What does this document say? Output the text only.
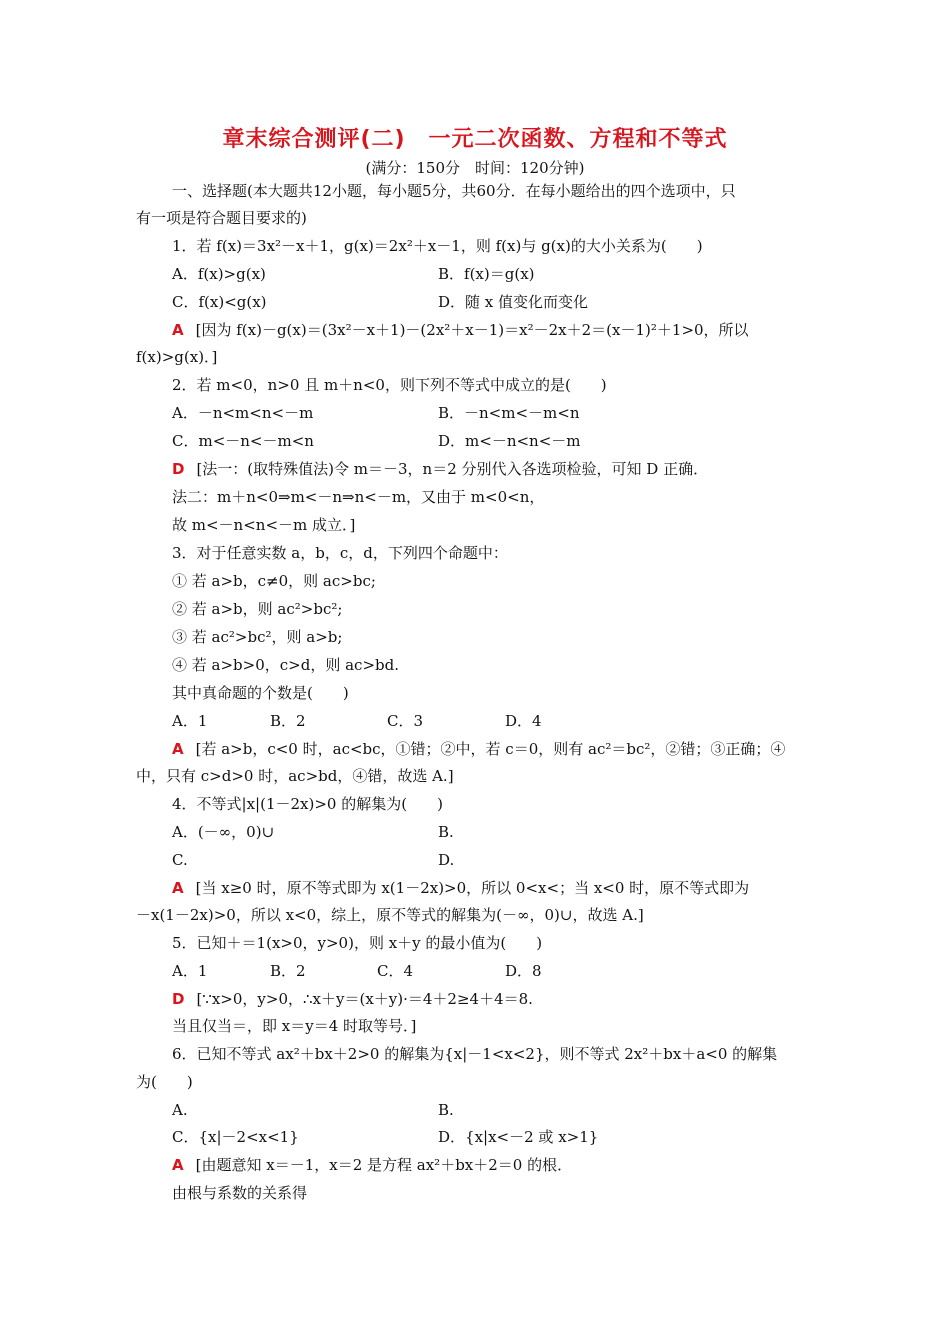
章末综合测评(二)　一元二次函数、方程和不等式
(满分：150分　时间：120分钟)
一、选择题(本大题共12小题，每小题5分，共60分．在每小题给出的四个选项中，只
有一项是符合题目要求的)
1．若 f(x)＝3x²－x＋1，g(x)＝2x²＋x－1，则 f(x)与 g(x)的大小关系为(　　)
A．f(x)>g(x)	B．f(x)＝g(x)
C．f(x)<g(x)	D．随 x 值变化而变化
A [因为 f(x)－g(x)＝(3x²－x＋1)－(2x²＋x－1)＝x²－2x＋2＝(x－1)²＋1>0，所以
f(x)>g(x)．]
2．若 m<0，n>0 且 m＋n<0，则下列不等式中成立的是(　　)
A．－n<m<n<－m	B．－n<m<－m<n
C．m<－n<－m<n	D．m<－n<n<－m
D [法一：(取特殊值法)令 m＝－3，n＝2 分别代入各选项检验，可知 D 正确．
法二：m＋n<0⇒m<－n⇒n<－m，又由于 m<0<n，
故 m<－n<n<－m 成立．]
3．对于任意实数 a，b，c，d，下列四个命题中：
① 若 a>b，c≠0，则 ac>bc;
② 若 a>b，则 ac²>bc²;
③ 若 ac²>bc²，则 a>b;
④ 若 a>b>0，c>d，则 ac>bd.
其中真命题的个数是(　　)
A．1	B．2	C．3	D．4
A [若 a>b，c<0 时，ac<bc，①错；②中，若 c＝0，则有 ac²＝bc²，②错；③正确；④
中，只有 c>d>0 时，ac>bd，④错，故选 A.]
4．不等式|x|(1－2x)>0 的解集为(　　)
A．(－∞，0)∪	B.
C.	D.
A [当 x≥0 时，原不等式即为 x(1－2x)>0，所以 0<x<；当 x<0 时，原不等式即为
－x(1－2x)>0，所以 x<0，综上，原不等式的解集为(－∞，0)∪，故选 A.]
5．已知＋＝1(x>0，y>0)，则 x＋y 的最小值为(　　)
A．1	B．2	C．4	D．8
D [∵x>0，y>0，∴x＋y＝(x＋y)·＝4＋2≥4＋4＝8.
当且仅当＝，即 x＝y＝4 时取等号．]
6．已知不等式 ax²＋bx＋2>0 的解集为{x|－1<x<2}，则不等式 2x²＋bx＋a<0 的解集
为(　　)
A.	B.
C．{x|－2<x<1}	D．{x|x<－2 或 x>1}
A [由题意知 x＝－1，x＝2 是方程 ax²＋bx＋2＝0 的根．
由根与系数的关系得
